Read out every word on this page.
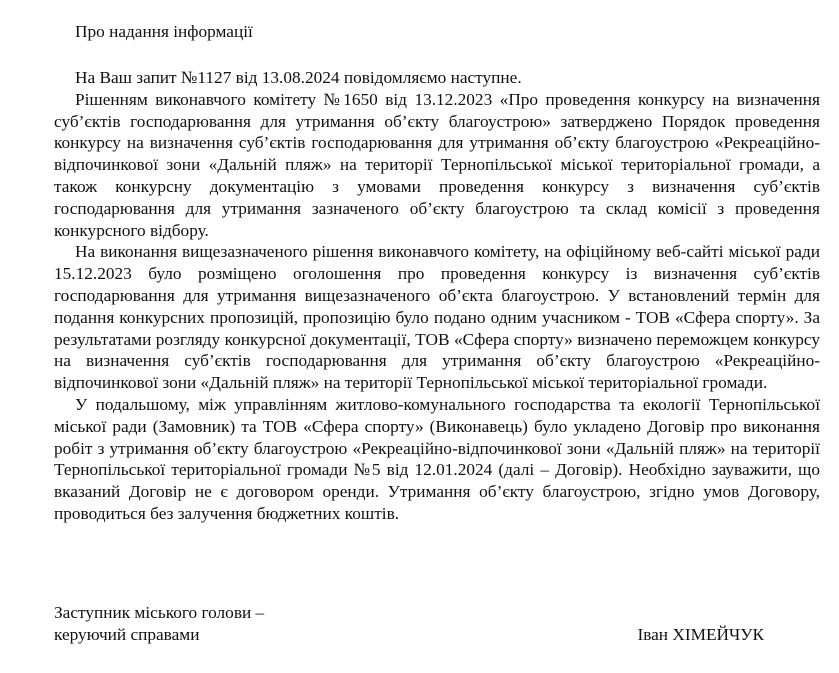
Про надання інформації

На Ваш запит №1127 від 13.08.2024 повідомляємо наступне.

Рішенням виконавчого комітету №1650 від 13.12.2023 «Про проведення конкурсу на визначення суб’єктів господарювання для утримання об’єкту благоустрою» затверджено Порядок проведення конкурсу на визначення суб’єктів господарювання для утримання об’єкту благоустрою «Рекреаційно-відпочинкової зони «Дальній пляж» на території Тернопільської міської територіальної громади, а також конкурсну документацію з умовами проведення конкурсу з визначення суб’єктів господарювання для утримання зазначеного об’єкту благоустрою та склад комісії з проведення конкурсного відбору.

На виконання вищезазначеного рішення виконавчого комітету, на офіційному веб-сайті міської ради 15.12.2023 було розміщено оголошення про проведення конкурсу із визначення суб’єктів господарювання для утримання вищезазначеного об’єкта благоустрою. У встановлений термін для подання конкурсних пропозицій, пропозицію було подано одним учасником - ТОВ «Сфера спорту». За результатами розгляду конкурсної документації, ТОВ «Сфера спорту» визначено переможцем конкурсу на визначення суб’єктів господарювання для утримання об’єкту благоустрою «Рекреаційно-відпочинкової зони «Дальній пляж» на території Тернопільської міської територіальної громади.

У подальшому, між управлінням житлово-комунального господарства та екології Тернопільської міської ради (Замовник) та ТОВ «Сфера спорту» (Виконавець) було укладено Договір про виконання робіт з утримання об’єкту благоустрою «Рекреаційно-відпочинкової зони «Дальній пляж» на території Тернопільської територіальної громади №5 від 12.01.2024 (далі – Договір). Необхідно зауважити, що вказаний Договір не є договором оренди. Утримання об’єкту благоустрою, згідно умов Договору, проводиться без залучення бюджетних коштів.

Заступник міського голови –
керуючий справами	Іван ХІМЕЙЧУК
